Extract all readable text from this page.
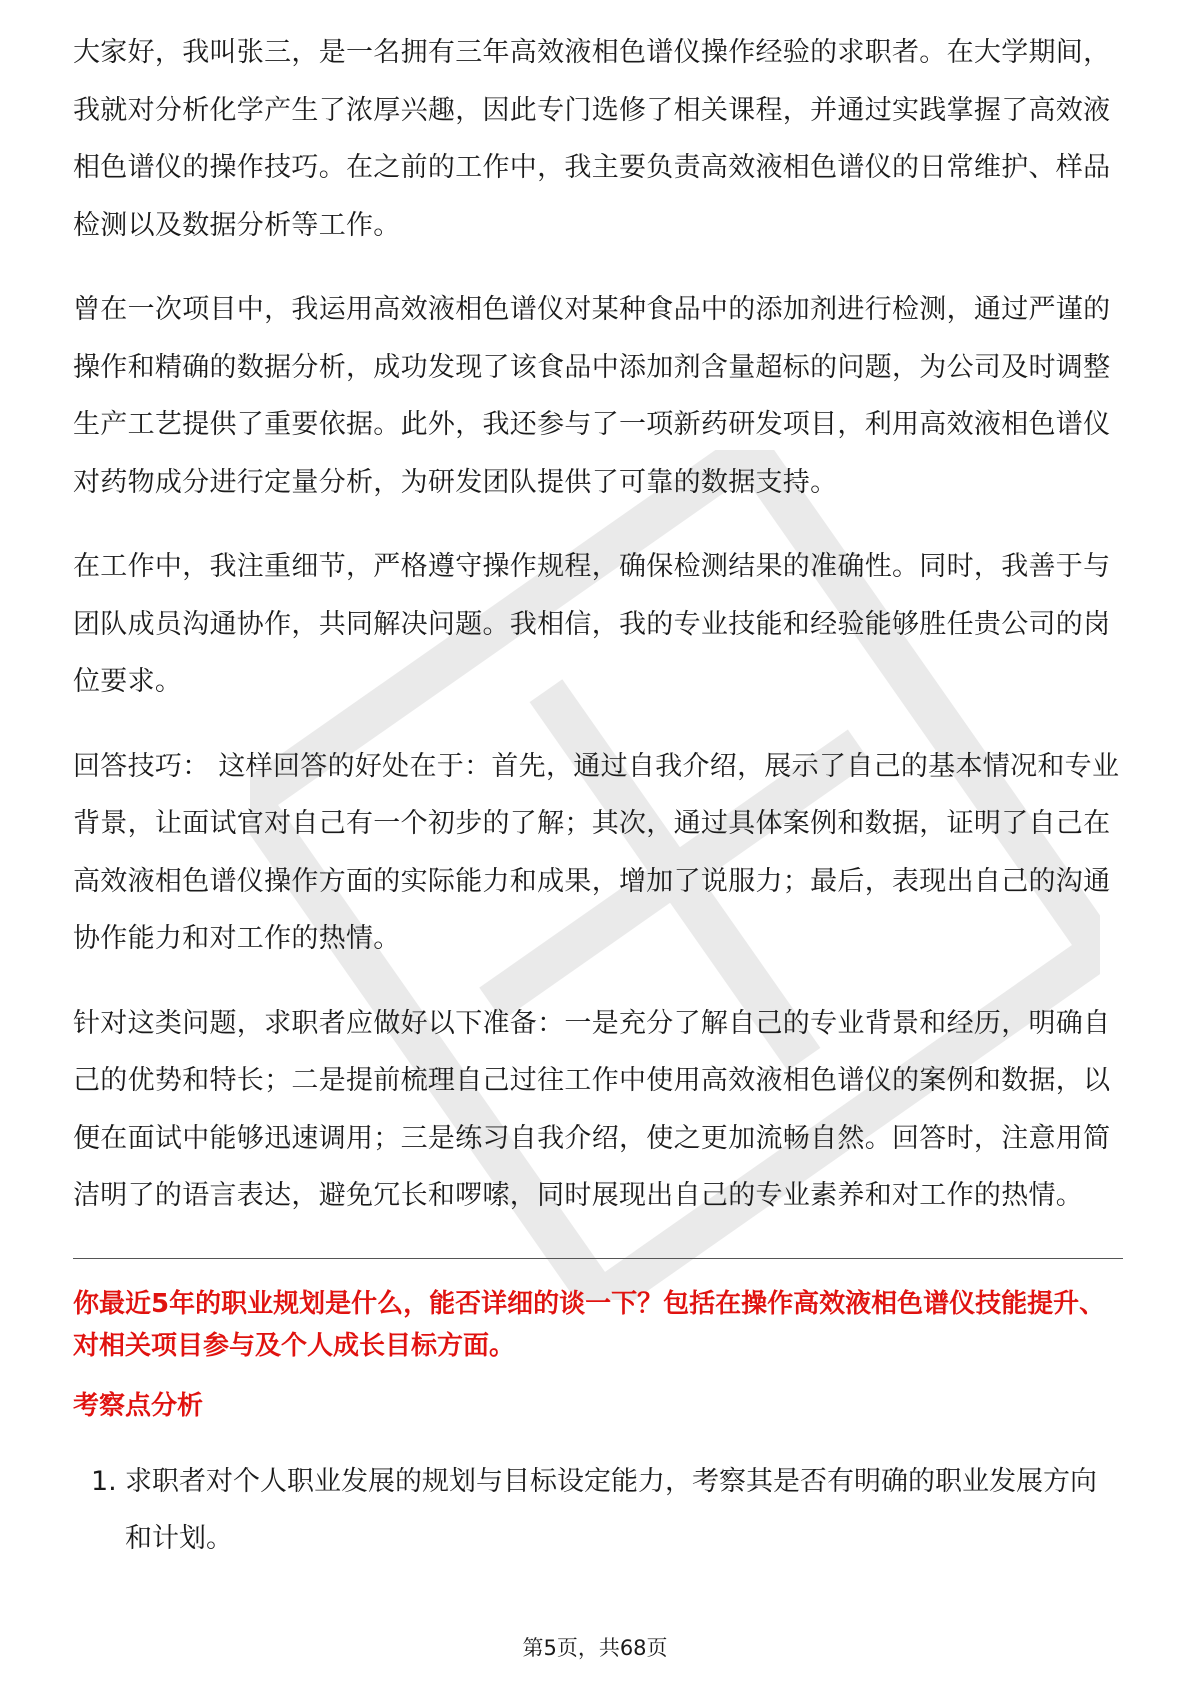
大家好，我叫张三，是一名拥有三年高效液相色谱仪操作经验的求职者。在大学期间，我就对分析化学产生了浓厚兴趣，因此专门选修了相关课程，并通过实践掌握了高效液相色谱仪的操作技巧。在之前的工作中，我主要负责高效液相色谱仪的日常维护、样品检测以及数据分析等工作。

曾在一次项目中，我运用高效液相色谱仪对某种食品中的添加剂进行检测，通过严谨的操作和精确的数据分析，成功发现了该食品中添加剂含量超标的问题，为公司及时调整生产工艺提供了重要依据。此外，我还参与了一项新药研发项目，利用高效液相色谱仪对药物成分进行定量分析，为研发团队提供了可靠的数据支持。

在工作中，我注重细节，严格遵守操作规程，确保检测结果的准确性。同时，我善于与团队成员沟通协作，共同解决问题。我相信，我的专业技能和经验能够胜任贵公司的岗位要求。

回答技巧： 这样回答的好处在于：首先，通过自我介绍，展示了自己的基本情况和专业背景，让面试官对自己有一个初步的了解；其次，通过具体案例和数据，证明了自己在高效液相色谱仪操作方面的实际能力和成果，增加了说服力；最后，表现出自己的沟通协作能力和对工作的热情。

针对这类问题，求职者应做好以下准备：一是充分了解自己的专业背景和经历，明确自己的优势和特长；二是提前梳理自己过往工作中使用高效液相色谱仪的案例和数据，以便在面试中能够迅速调用；三是练习自我介绍，使之更加流畅自然。回答时，注意用简洁明了的语言表达，避免冗长和啰嗦，同时展现出自己的专业素养和对工作的热情。

你最近5年的职业规划是什么，能否详细的谈一下？包括在操作高效液相色谱仪技能提升、对相关项目参与及个人成长目标方面。
考察点分析
1. 求职者对个人职业发展的规划与目标设定能力，考察其是否有明确的职业发展方向和计划。
第5页，共68页
